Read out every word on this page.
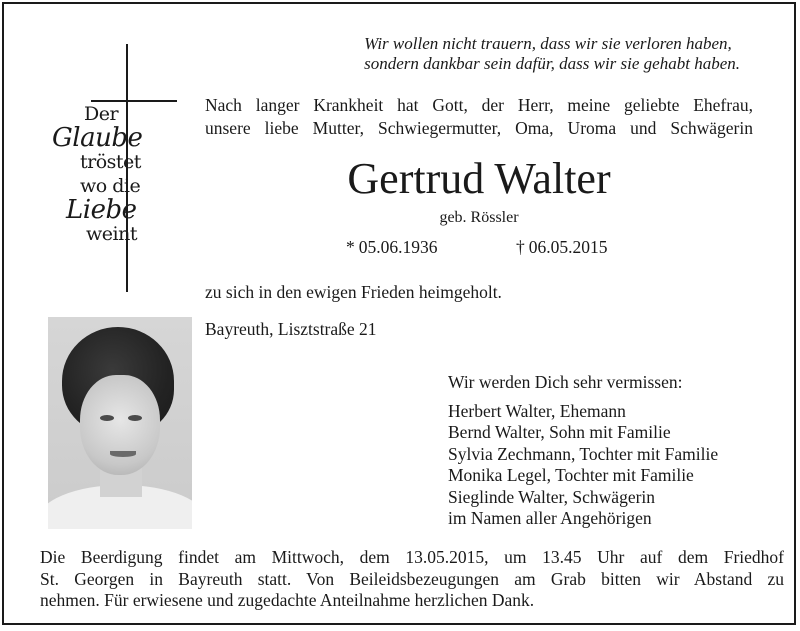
Wir wollen nicht trauern, dass wir sie verloren haben,
sondern dankbar sein dafür, dass wir sie gehabt haben.
Der
Glaube
tröstet
wo die
Liebe
weint
Nach langer Krankheit hat Gott, der Herr, meine geliebte Ehefrau,
unsere liebe Mutter, Schwiegermutter, Oma, Uroma und Schwägerin
Gertrud Walter
geb. Rössler
* 05.06.1936	† 06.05.2015
zu sich in den ewigen Frieden heimgeholt.
Bayreuth, Lisztstraße 21
Wir werden Dich sehr vermissen:
Herbert Walter, Ehemann
Bernd Walter, Sohn mit Familie
Sylvia Zechmann, Tochter mit Familie
Monika Legel, Tochter mit Familie
Sieglinde Walter, Schwägerin
im Namen aller Angehörigen
Die Beerdigung findet am Mittwoch, dem 13.05.2015, um 13.45 Uhr auf dem Friedhof
St. Georgen in Bayreuth statt. Von Beileidsbezeugungen am Grab bitten wir Abstand zu
nehmen. Für erwiesene und zugedachte Anteilnahme herzlichen Dank.
